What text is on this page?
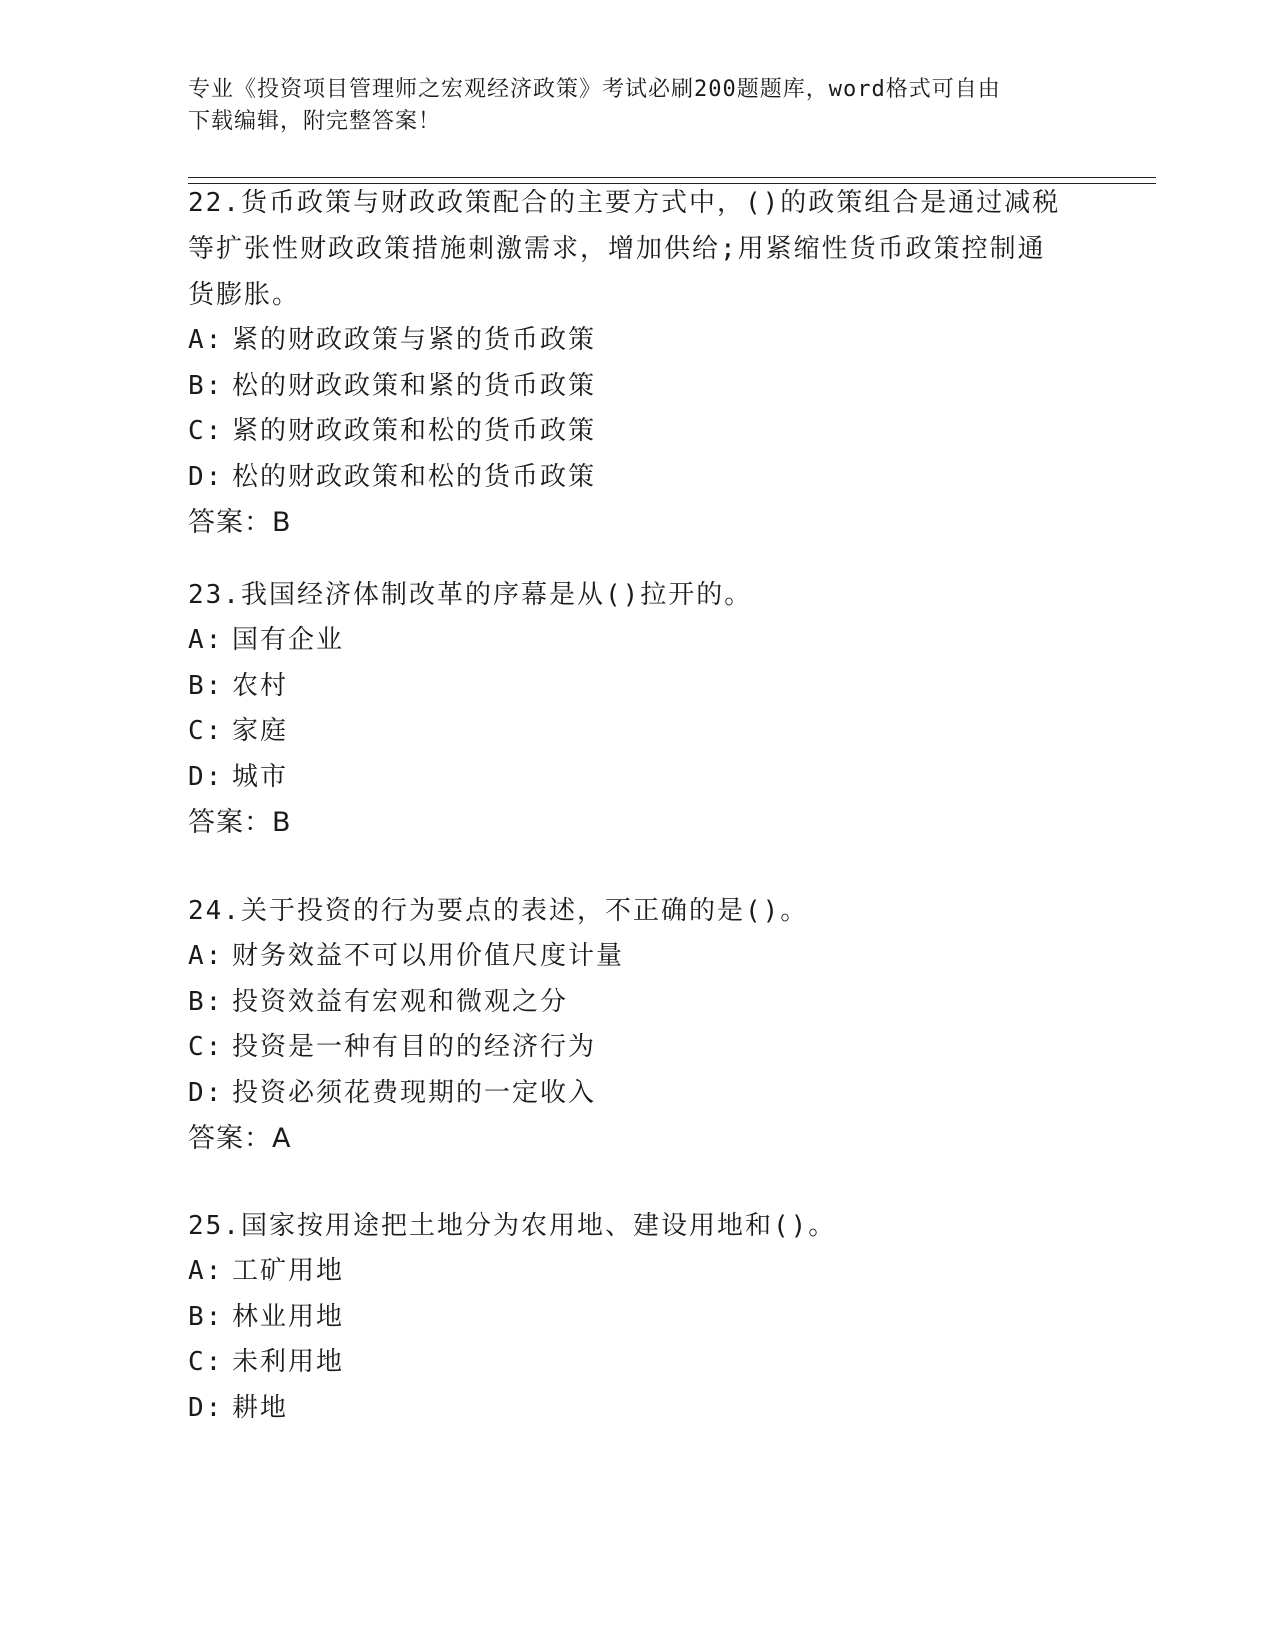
专业《投资项目管理师之宏观经济政策》考试必刷200题题库，word格式可自由
下载编辑，附完整答案！
22.货币政策与财政政策配合的主要方式中，()的政策组合是通过减税
等扩张性财政政策措施刺激需求，增加供给;用紧缩性货币政策控制通
货膨胀。
A: 紧的财政政策与紧的货币政策
B: 松的财政政策和紧的货币政策
C: 紧的财政政策和松的货币政策
D: 松的财政政策和松的货币政策
答案：B
23.我国经济体制改革的序幕是从()拉开的。
A: 国有企业
B: 农村
C: 家庭
D: 城市
答案：B
24.关于投资的行为要点的表述，不正确的是()。
A: 财务效益不可以用价值尺度计量
B: 投资效益有宏观和微观之分
C: 投资是一种有目的的经济行为
D: 投资必须花费现期的一定收入
答案：A
25.国家按用途把土地分为农用地、建设用地和()。
A: 工矿用地
B: 林业用地
C: 未利用地
D: 耕地
